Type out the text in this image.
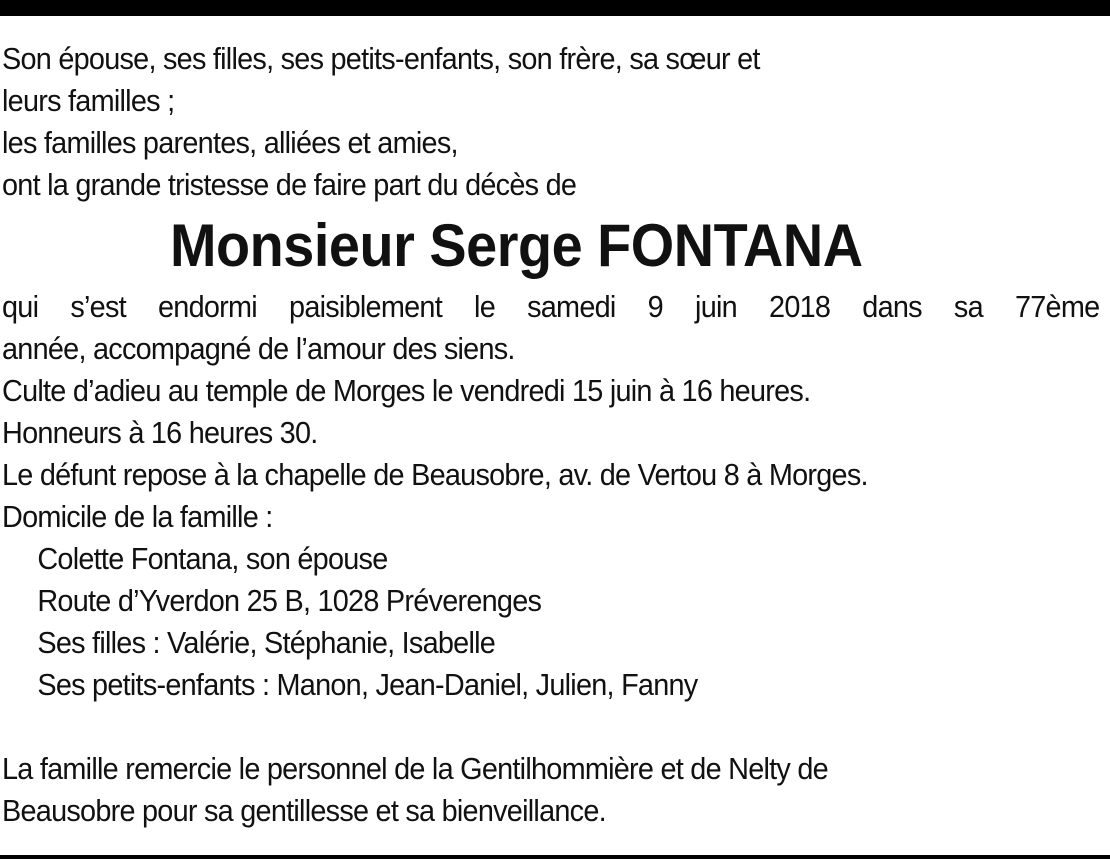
Son épouse, ses filles, ses petits-enfants, son frère, sa sœur et
leurs familles ;
les familles parentes, alliées et amies,
ont la grande tristesse de faire part du décès de
Monsieur Serge FONTANA
qui s’est endormi paisiblement le samedi 9 juin 2018 dans sa 77ème
année, accompagné de l’amour des siens.
Culte d’adieu au temple de Morges le vendredi 15 juin à 16 heures.
Honneurs à 16 heures 30.
Le défunt repose à la chapelle de Beausobre, av. de Vertou 8 à Morges.
Domicile de la famille :
Colette Fontana, son épouse
Route d’Yverdon 25 B, 1028 Préverenges
Ses filles : Valérie, Stéphanie, Isabelle
Ses petits-enfants : Manon, Jean-Daniel, Julien, Fanny
La famille remercie le personnel de la Gentilhommière et de Nelty de
Beausobre pour sa gentillesse et sa bienveillance.
